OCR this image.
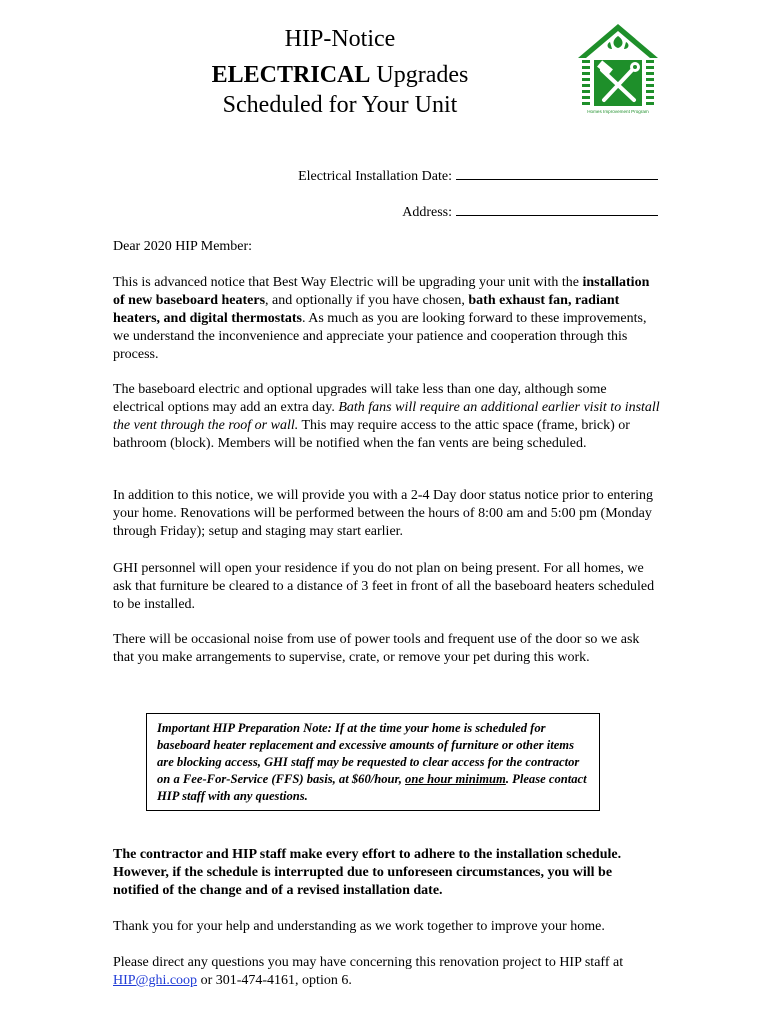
HIP-Notice

ELECTRICAL Upgrades

Scheduled for Your Unit	Homes Improvement Program
Electrical Installation Date:
Address:
Dear 2020 HIP Member:

This is advanced notice that Best Way Electric will be upgrading your unit with the installation of new baseboard heaters, and optionally if you have chosen, bath exhaust fan, radiant heaters, and digital thermostats. As much as you are looking forward to these improvements, we understand the inconvenience and appreciate your patience and cooperation through this process.

The baseboard electric and optional upgrades will take less than one day, although some electrical options may add an extra day. Bath fans will require an additional earlier visit to install the vent through the roof or wall. This may require access to the attic space (frame, brick) or bathroom (block). Members will be notified when the fan vents are being scheduled.

In addition to this notice, we will provide you with a 2-4 Day door status notice prior to entering your home. Renovations will be performed between the hours of 8:00 am and 5:00 pm (Monday through Friday); setup and staging may start earlier.

GHI personnel will open your residence if you do not plan on being present. For all homes, we ask that furniture be cleared to a distance of 3 feet in front of all the baseboard heaters scheduled to be installed.

There will be occasional noise from use of power tools and frequent use of the door so we ask that you make arrangements to supervise, crate, or remove your pet during this work.

Important HIP Preparation Note: If at the time your home is scheduled for baseboard heater replacement and excessive amounts of furniture or other items are blocking access, GHI staff may be requested to clear access for the contractor on a Fee-For-Service (FFS) basis, at $60/hour, one hour minimum. Please contact HIP staff with any questions.

The contractor and HIP staff make every effort to adhere to the installation schedule. However, if the schedule is interrupted due to unforeseen circumstances, you will be notified of the change and of a revised installation date.

Thank you for your help and understanding as we work together to improve your home.

Please direct any questions you may have concerning this renovation project to HIP staff at HIP@ghi.coop or 301-474-4161, option 6.
